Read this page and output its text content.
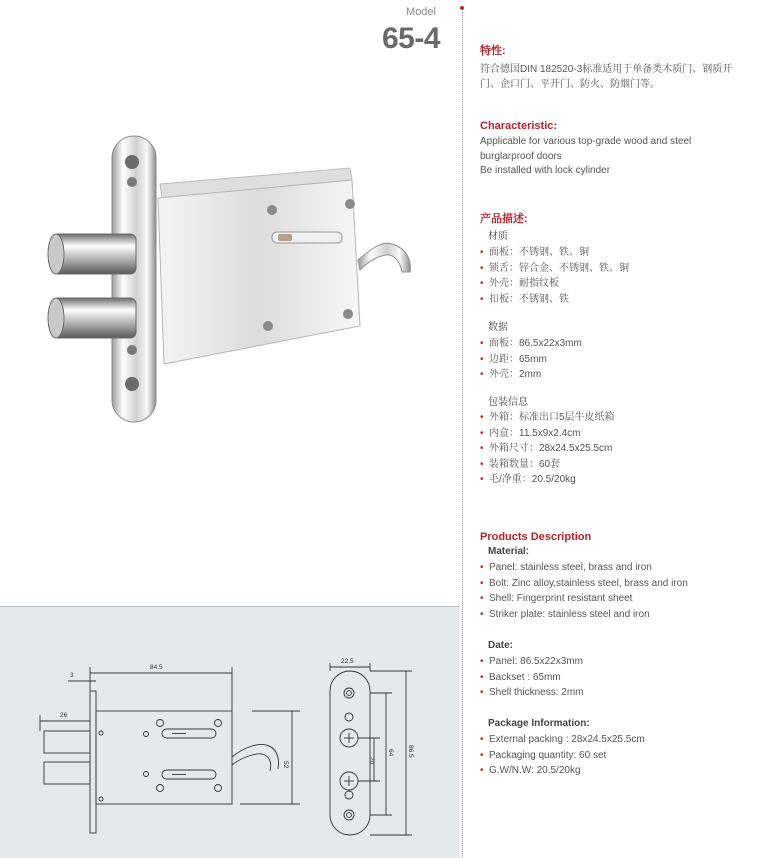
Model
65-4
84.5
3
26
52
22.5
20
64 86.5
特性:
符合德国DIN 182520-3标准适用于单备类木质门、钢质开门、企口门、平开门、防火、防烟门等。
Characteristic:
Applicable for various top-grade wood and steel
burglarproof doors
Be installed with lock cylinder
产品描述:
材质
• 面板：不锈钢、铁、铜
• 锁舌：锌合金、不锈钢、铁、铜
• 外壳：耐指纹板
• 扣板：不锈钢、铁
数据
• 面板：86.5x22x3mm
• 边距：65mm
• 外壳：2mm
包装信息
• 外箱：标准出口5层牛皮纸箱
• 内盒：11.5x9x2.4cm
• 外箱尺寸：28x24.5x25.5cm
• 装箱数量：60套
• 毛/净重：20.5/20kg
Products Description
Material:
• Panel: stainless steel, brass and iron
• Bolt: Zinc alloy,stainless steel, brass and iron
• Shell: Fingerprint resistant sheet
• Striker plate: stainless steel and iron
Date:
• Panel: 86.5x22x3mm
• Backset : 65mm
• Shell thickness: 2mm
Package Information:
• External packing : 28x24.5x25.5cm
• Packaging quantity: 60 set
• G.W/N.W: 20.5/20kg
